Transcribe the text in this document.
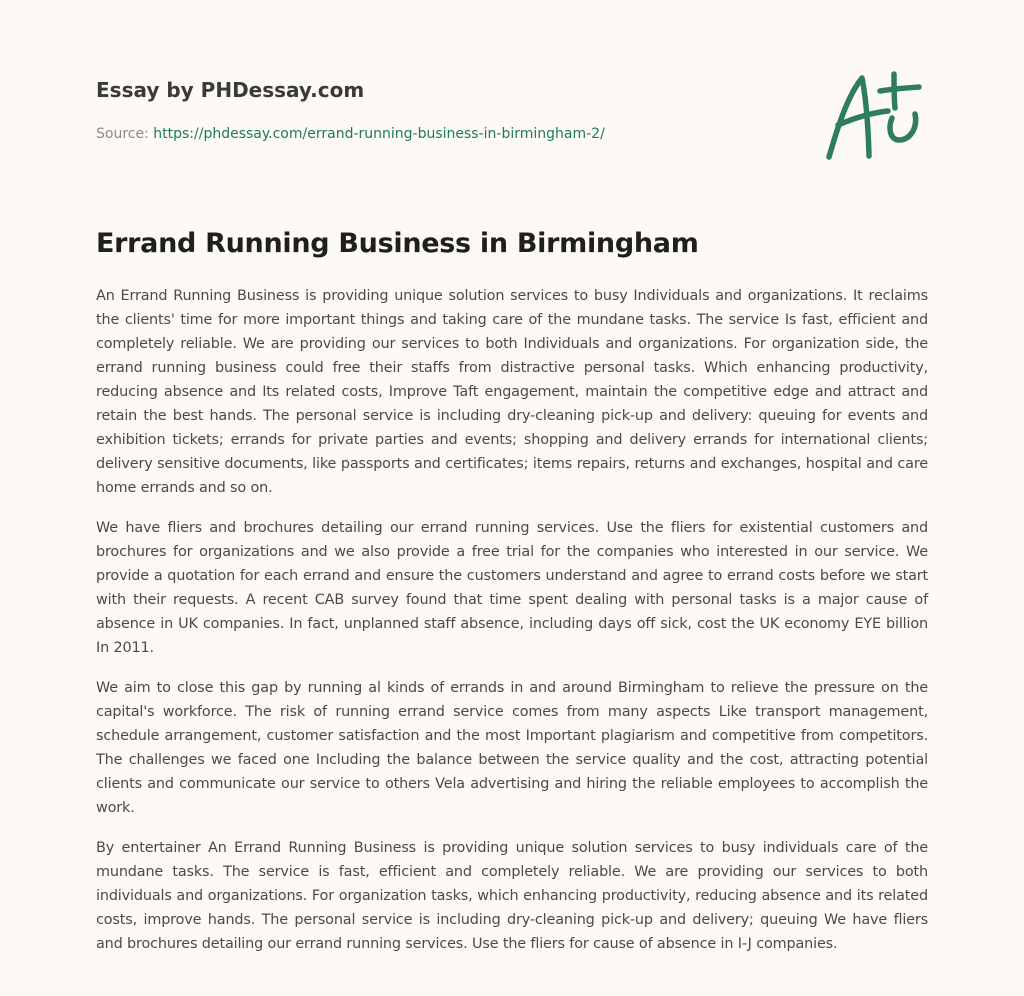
Essay by PHDessay.com
Source: https://phdessay.com/errand-running-business-in-birmingham-2/
Errand Running Business in Birmingham

An Errand Running Business is providing unique solution services to busy Individuals and organizations. It reclaims the clients' time for more important things and taking care of the mundane tasks. The service Is fast, efficient and completely reliable. We are providing our services to both Individuals and organizations. For organization side, the errand running business could free their staffs from distractive personal tasks. Which enhancing productivity, reducing absence and Its related costs, Improve Taft engagement, maintain the competitive edge and attract and retain the best hands. The personal service is including dry-cleaning pick-up and delivery: queuing for events and exhibition tickets; errands for private parties and events; shopping and delivery errands for international clients; delivery sensitive documents, like passports and certificates; items repairs, returns and exchanges, hospital and care home errands and so on.

We have fliers and brochures detailing our errand running services. Use the fliers for existential customers and brochures for organizations and we also provide a free trial for the companies who interested in our service. We provide a quotation for each errand and ensure the customers understand and agree to errand costs before we start with their requests. A recent CAB survey found that time spent dealing with personal tasks is a major cause of absence in UK companies. In fact, unplanned staff absence, including days off sick, cost the UK economy EYE billion In 2011.

We aim to close this gap by running al kinds of errands in and around Birmingham to relieve the pressure on the capital's workforce. The risk of running errand service comes from many aspects Like transport management, schedule arrangement, customer satisfaction and the most Important plagiarism and competitive from competitors. The challenges we faced one Including the balance between the service quality and the cost, attracting potential clients and communicate our service to others Vela advertising and hiring the reliable employees to accomplish the work.

By entertainer An Errand Running Business is providing unique solution services to busy individuals care of the mundane tasks. The service is fast, efficient and completely reliable. We are providing our services to both individuals and organizations. For organization tasks, which enhancing productivity, reducing absence and its related costs, improve hands. The personal service is including dry-cleaning pick-up and delivery; queuing We have fliers and brochures detailing our errand running services. Use the fliers for cause of absence in I-J companies.
